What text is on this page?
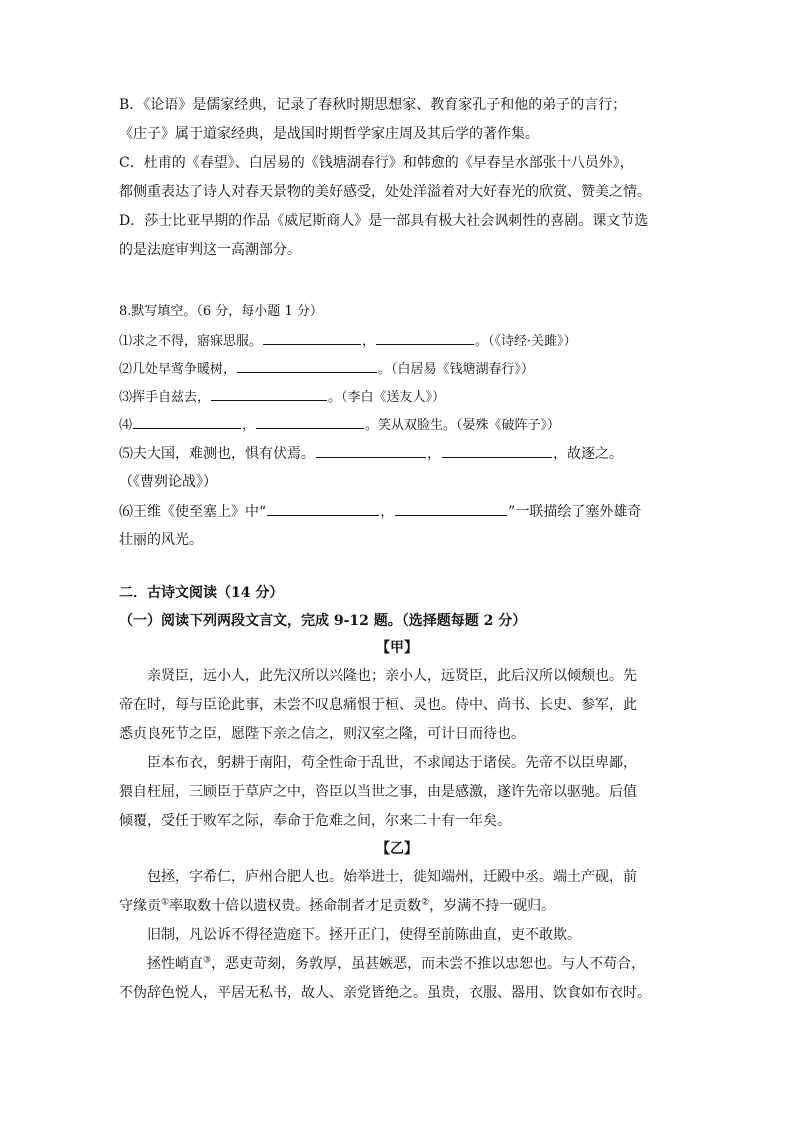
B．《论语》是儒家经典，记录了春秋时期思想家、教育家孔子和他的弟子的言行；
《庄子》属于道家经典，是战国时期哲学家庄周及其后学的著作集。
C．杜甫的《春望》、白居易的《钱塘湖春行》和韩愈的《早春呈水部张十八员外》，
都侧重表达了诗人对春天景物的美好感受，处处洋溢着对大好春光的欣赏、赞美之情。
D．莎士比亚早期的作品《威尼斯商人》是一部具有极大社会讽刺性的喜剧。课文节选
的是法庭审判这一高潮部分。
8.默写填空。（6 分，每小题 1 分）
⑴求之不得，寤寐思服。	，	。（《诗经·关雎》）
⑵几处早莺争暖树，	。（白居易《钱塘湖春行》）
⑶挥手自兹去，	。（李白《送友人》）
⑷	，	。笑从双脸生。（晏殊《破阵子》）
⑸夫大国，难测也，惧有伏焉。	，	，故逐之。
（《曹刿论战》）
⑹王维《使至塞上》中“	，	”一联描绘了塞外雄奇
壮丽的风光。
二．古诗文阅读（14 分）
（一）阅读下列两段文言文，完成 9-12 题。（选择题每题 2 分）
【甲】
亲贤臣，远小人，此先汉所以兴隆也；亲小人，远贤臣，此后汉所以倾颓也。先
帝在时，每与臣论此事，未尝不叹息痛恨于桓、灵也。侍中、尚书、长史、参军，此
悉贞良死节之臣，愿陛下亲之信之，则汉室之隆，可计日而待也。
臣本布衣，躬耕于南阳，苟全性命于乱世，不求闻达于诸侯。先帝不以臣卑鄙，
猥自枉屈，三顾臣于草庐之中，咨臣以当世之事，由是感激，遂许先帝以驱驰。后值
倾覆，受任于败军之际，奉命于危难之间，尔来二十有一年矣。
【乙】
包拯，字希仁，庐州合肥人也。始举进士，徙知端州，迁殿中丞。端土产砚，前
守缘贡①率取数十倍以遗权贵。拯命制者才足贡数②，岁满不持一砚归。
旧制，凡讼诉不得径造庭下。拯开正门，使得至前陈曲直，吏不敢欺。
拯性峭直③，恶吏苛刻，务敦厚，虽甚嫉恶，而未尝不推以忠恕也。与人不苟合，
不伪辞色悦人，平居无私书，故人、亲党皆绝之。虽贵，衣服、器用、饮食如布衣时。
